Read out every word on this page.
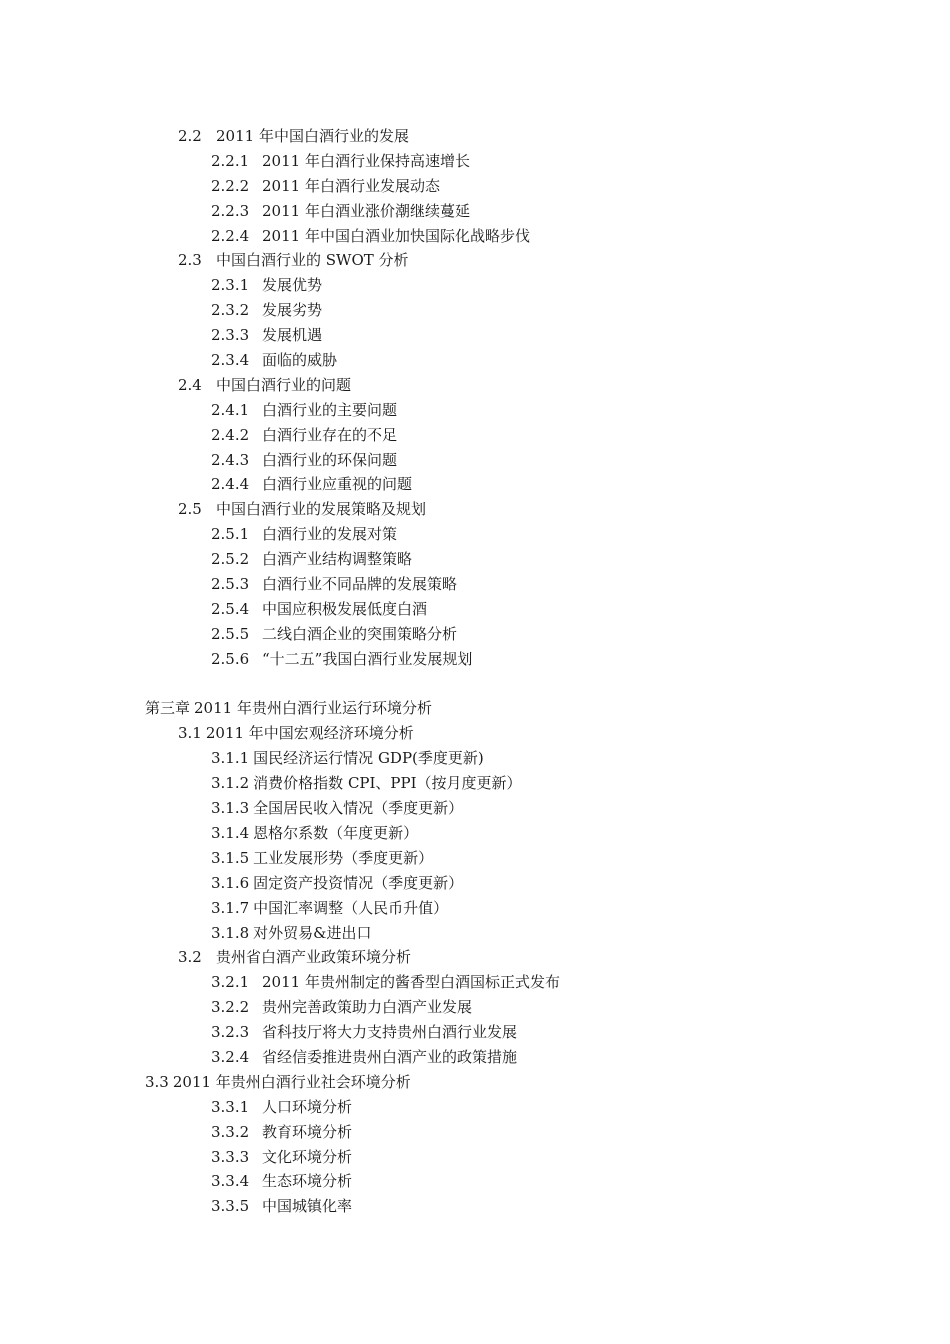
2.2 2011 年中国白酒行业的发展
2.2.1 2011 年白酒行业保持高速增长
2.2.2 2011 年白酒行业发展动态
2.2.3 2011 年白酒业涨价潮继续蔓延
2.2.4 2011 年中国白酒业加快国际化战略步伐
2.3 中国白酒行业的 SWOT 分析
2.3.1 发展优势
2.3.2 发展劣势
2.3.3 发展机遇
2.3.4 面临的威胁
2.4 中国白酒行业的问题
2.4.1 白酒行业的主要问题
2.4.2 白酒行业存在的不足
2.4.3 白酒行业的环保问题
2.4.4 白酒行业应重视的问题
2.5 中国白酒行业的发展策略及规划
2.5.1 白酒行业的发展对策
2.5.2 白酒产业结构调整策略
2.5.3 白酒行业不同品牌的发展策略
2.5.4 中国应积极发展低度白酒
2.5.5 二线白酒企业的突围策略分析
2.5.6 “十二五”我国白酒行业发展规划
第三章 2011 年贵州白酒行业运行环境分析
3.1 2011 年中国宏观经济环境分析
3.1.1 国民经济运行情况 GDP(季度更新)
3.1.2 消费价格指数 CPI、PPI（按月度更新）
3.1.3 全国居民收入情况（季度更新）
3.1.4 恩格尔系数（年度更新）
3.1.5 工业发展形势（季度更新）
3.1.6 固定资产投资情况（季度更新）
3.1.7 中国汇率调整（人民币升值）
3.1.8 对外贸易&进出口
3.2 贵州省白酒产业政策环境分析
3.2.1 2011 年贵州制定的酱香型白酒国标正式发布
3.2.2 贵州完善政策助力白酒产业发展
3.2.3 省科技厅将大力支持贵州白酒行业发展
3.2.4 省经信委推进贵州白酒产业的政策措施
3.3 2011 年贵州白酒行业社会环境分析
3.3.1 人口环境分析
3.3.2 教育环境分析
3.3.3 文化环境分析
3.3.4 生态环境分析
3.3.5 中国城镇化率
